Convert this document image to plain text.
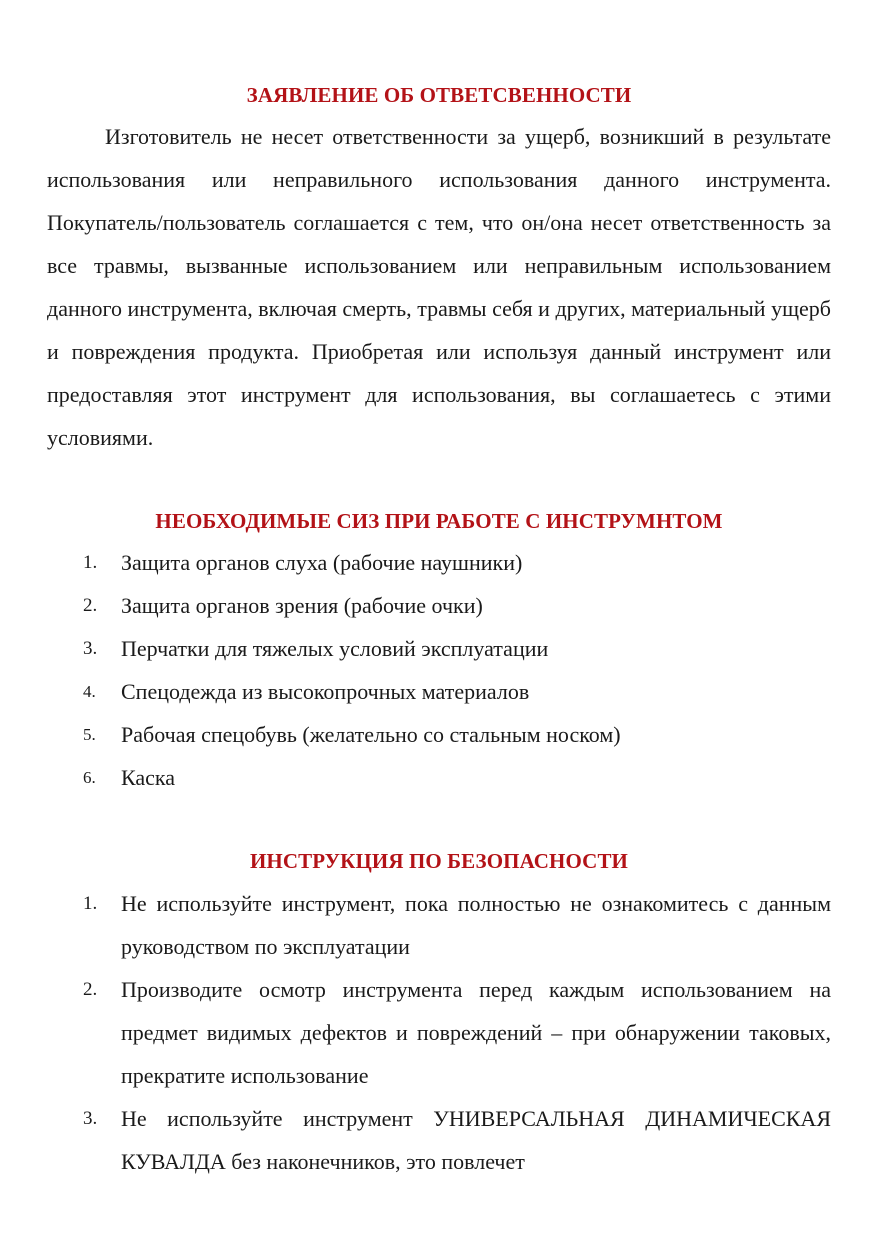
ЗАЯВЛЕНИЕ ОБ ОТВЕТСВЕННОСТИ

Изготовитель не несет ответственности за ущерб, возникший в результате использования или неправильного использования данного инструмента. Покупатель/пользователь соглашается с тем, что он/она несет ответственность за все травмы, вызванные использованием или неправильным использованием данного инструмента, включая смерть, травмы себя и других, материальный ущерб и повреждения продукта. Приобретая или используя данный инструмент или предоставляя этот инструмент для использования, вы соглашаетесь с этими условиями.

НЕОБХОДИМЫЕ СИЗ ПРИ РАБОТЕ С ИНСТРУМНТОМ
1. Защита органов слуха (рабочие наушники)
2. Защита органов зрения (рабочие очки)
3. Перчатки для тяжелых условий эксплуатации
4. Спецодежда из высокопрочных материалов
5. Рабочая спецобувь (желательно со стальным носком)
6. Каска
ИНСТРУКЦИЯ ПО БЕЗОПАСНОСТИ
1. Не используйте инструмент, пока полностью не ознакомитесь с данным руководством по эксплуатации
2. Производите осмотр инструмента перед каждым использованием на предмет видимых дефектов и повреждений – при обнаружении таковых, прекратите использование
3. Не используйте инструмент УНИВЕРСАЛЬНАЯ ДИНАМИЧЕСКАЯ КУВАЛДА без наконечников, это повлечет
